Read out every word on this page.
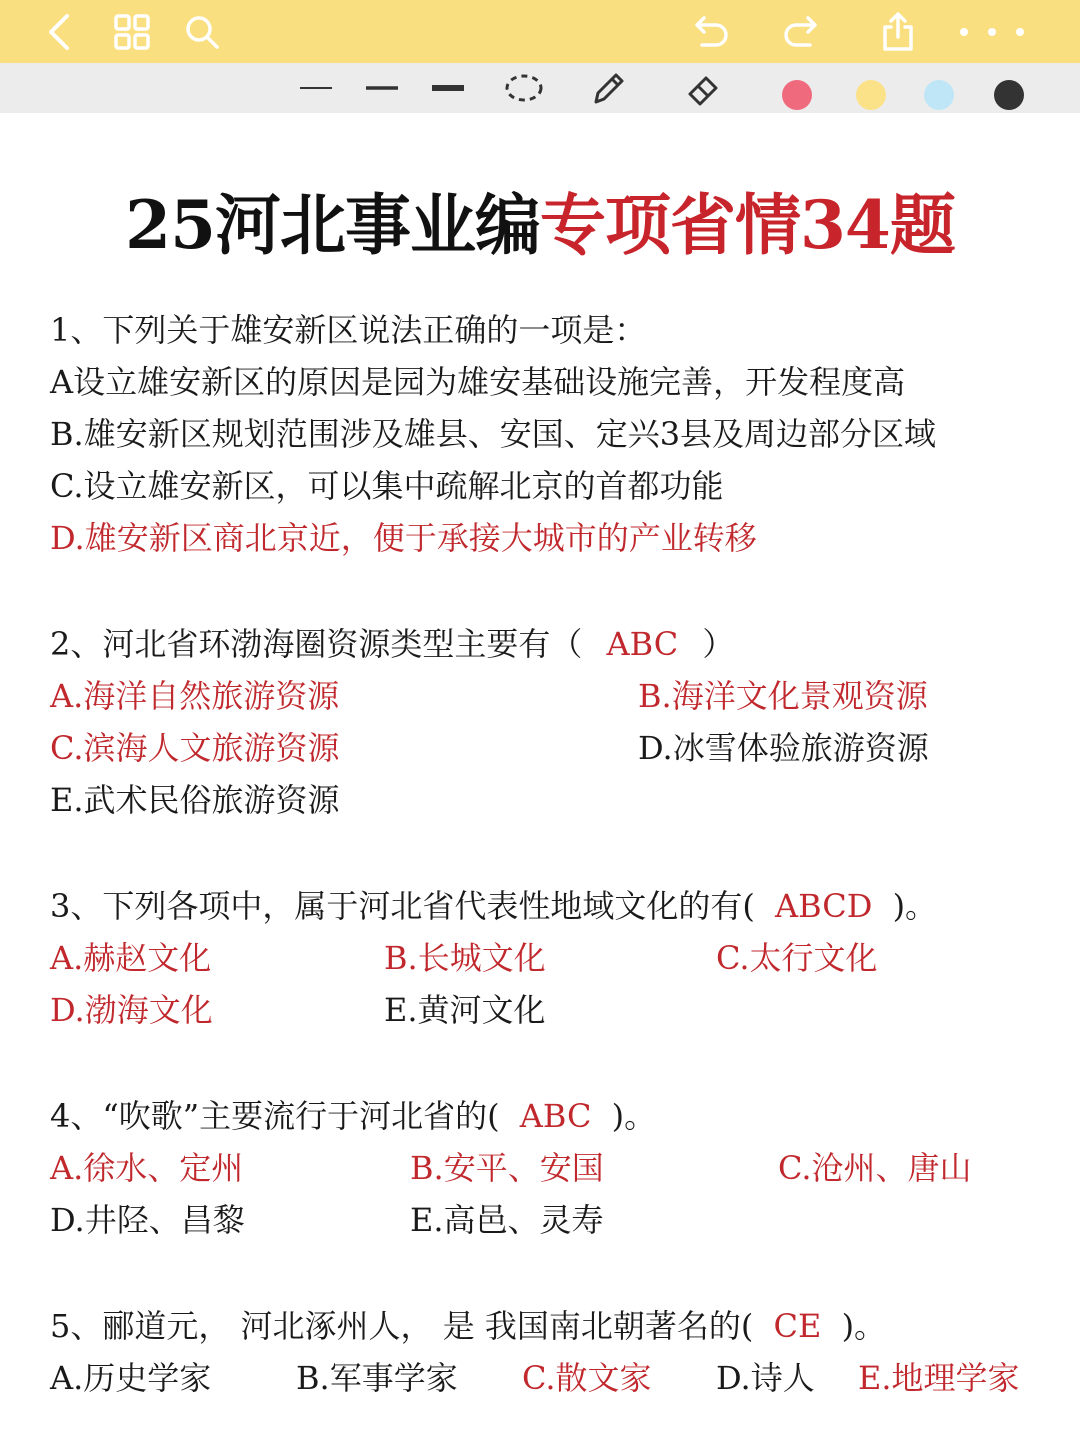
25河北事业编专项省情34题
1、下列关于雄安新区说法正确的一项是：
A设立雄安新区的原因是园为雄安基础设施完善，开发程度高
B.雄安新区规划范围涉及雄县、安国、定兴3县及周边部分区域
C.设立雄安新区，可以集中疏解北京的首都功能
D.雄安新区商北京近，便于承接大城市的产业转移
2、河北省环渤海圈资源类型主要有（ ABC ）
A.海洋自然旅游资源	B.海洋文化景观资源
C.滨海人文旅游资源	D.冰雪体验旅游资源
E.武术民俗旅游资源
3、下列各项中，属于河北省代表性地域文化的有( ABCD )。
A.赫赵文化	B.长城文化	C.太行文化
D.渤海文化	E.黄河文化
4、“吹歌”主要流行于河北省的( ABC )。
A.徐水、定州	B.安平、安国	C.沧州、唐山
D.井陉、昌黎	E.高邑、灵寿
5、郦道元， 河北涿州人， 是 我国南北朝著名的( CE )。
A.历史学家	B.军事学家 C.散文家 D.诗人 E.地理学家
